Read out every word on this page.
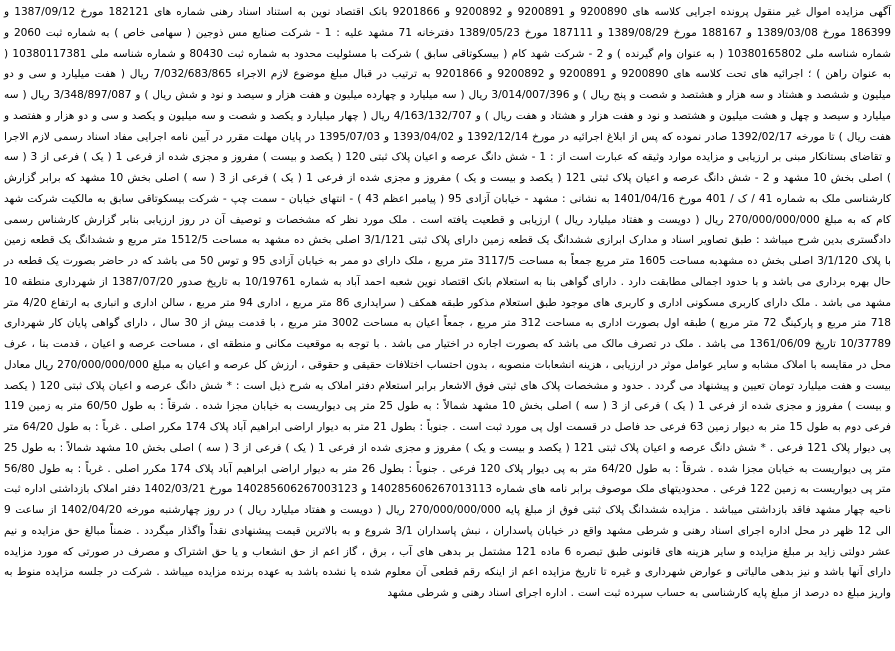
آگهی مزایده اموال غیر منقول پرونده اجرایی کلاسه های 9200890 و 9200891 و 9200892 و 9201866 بانک اقتصاد نوین به استناد اسناد رهنی شماره های 182121 مورخ 1387/09/12 و 186399 مورخ 1389/03/08 و 188167 مورخ 1389/08/29 و 187111 مورخ 1389/05/23 دفترخانه 71 مشهد علیه : 1 - شرکت صنایع مس ذوجین ( سهامی خاص ) به شماره ثبت 2060 و شماره شناسه ملی 10380165802 ( به عنوان وام گیرنده ) و 2 - شرکت شهد کام ( بیسکوتاقی سابق ) شرکت با مسئولیت محدود به شماره ثبت 80430 و شماره شناسه ملی 10380117381 ( به عنوان راهن ) ؛ اجرائیه های تحت کلاسه های 9200890 و 9200891 و 9200892 و 9201866 به ترتیب در قبال مبلغ موضوع لازم الاجراء 7/032/683/865 ریال ( هفت میلیارد و سی و دو میلیون و ششصد و هشتاد و سه هزار و هشتصد و شصت و پنج ریال ) و 3/014/007/396 ریال ( سه میلیارد و چهارده میلیون و هفت هزار و سیصد و نود و شش ریال ) و 3/348/897/087 ریال ( سه میلیارد و سیصد و چهل و هشت میلیون و هشتصد و نود و هفت هزار و هشتاد و هفت ریال ) و 4/163/132/707 ریال ( چهار میلیارد و یکصد و شصت و سه میلیون و یکصد و سی و دو هزار و هفتصد و هفت ریال ) تا مورخه 1392/02/17 صادر نموده که پس از ابلاغ اجرائیه در مورخ 1392/12/14 و 1393/04/02 و 1395/07/03 در پایان مهلت مقرر در آیین نامه اجرایی مفاد اسناد رسمی لازم الاجرا و تقاضای بستانکار مبنی بر ارزیابی و مزایده موارد وثیقه که عبارت است از : 1 - شش دانگ عرصه و اعیان پلاک ثبتی 120 ( یکصد و بیست ) مفروز و مجزی شده از فرعی 1 ( یک ) فرعی از 3 ( سه ) اصلی بخش 10 مشهد و 2 - شش دانگ عرصه و اعیان پلاک ثبتی 121 ( یکصد و بیست و یک ) مفروز و مجزی شده از فرعی 1 ( یک ) فرعی از 3 ( سه ) اصلی بخش 10 مشهد که برابر گزارش کارشناسی ملک به شماره 41 / ک / 401 مورخ 1401/04/16 به نشانی : مشهد - خیابان آزادی 95 ( پیامبر اعظم 43 ) - انتهای خیابان - سمت چپ - شرکت بیسکوتاقی سابق به مالکیت شرکت شهد کام که به مبلغ 270/000/000/000 ریال ( دویست و هفتاد میلیارد ریال ) ارزیابی و قطعیت یافته است . ملک مورد نظر که مشخصات و توصیف آن در روز ارزیابی بنابر گزارش کارشناس رسمی دادگستری بدین شرح میباشد : طبق تصاویر اسناد و مدارک ابرازی ششدانگ یک قطعه زمین دارای پلاک ثبتی 3/1/121 اصلی بخش ده مشهد به مساحت 1512/5 متر مربع و ششدانگ یک قطعه زمین با پلاک 3/1/120 اصلی بخش ده مشهدبه مساحت 1605 متر مربع جمعاً به مساحت 3117/5 متر مربع ، ملک دارای دو ممر به خیابان آزادی 95 و توس 50 می باشد که در حاضر بصورت یک قطعه در حال بهره برداری می باشد و با حدود اجمالی مطابقت دارد . دارای گواهی بنا به استعلام بانک اقتصاد نوین شعبه احمد آباد به شماره 10/19761 به تاریخ صدور 1387/07/20 از شهرداری منطقه 10 مشهد می باشد . ملک دارای کاربری مسکونی اداری و کاربری های موجود طبق استعلام مذکور طبقه همکف ( سرایداری 86 متر مربع ، اداری 94 متر مربع ، سالن اداری و انباری به ارتفاع 4/20 متر 718 متر مربع و پارکینگ 72 متر مربع ) طبقه اول بصورت اداری به مساحت 312 متر مربع ، جمعاً اعیان به مساحت 3002 متر مربع ، با قدمت بیش از 30 سال ، دارای گواهی پایان کار شهرداری 10/37789 تاریخ 1361/06/09 می باشد . ملک در تصرف مالک می باشد که بصورت اجاره در اختیار می باشد . با توجه به موقعیت مکانی و منطقه ای ، مساحت عرصه و اعیان ، قدمت بنا ، عرف محل در مقایسه با املاک مشابه و سایر عوامل موثر در ارزیابی ، هزینه انشعابات منصوبه ، بدون احتساب اختلافات حقیقی و حقوقی ، ارزش کل عرصه و اعیان به مبلغ 270/000/000/000 ریال معادل بیست و هفت میلیارد تومان تعیین و پیشنهاد می گردد . حدود و مشخصات پلاک های ثبتی فوق الاشعار برابر استعلام دفتر املاک به شرح ذیل است : * شش دانگ عرصه و اعیان پلاک ثبتی 120 ( یکصد و بیست ) مفروز و مجزی شده از فرعی 1 ( یک ) فرعی از 3 ( سه ) اصلی بخش 10 مشهد شمالاً : به طول 25 متر پی دیواریست به خیابان مجزا شده . شرقاً : به طول 60/50 متر به زمین 119 فرعی دوم به طول 15 متر به دیوار زمین 63 فرعی حد فاصل در قسمت اول پی مورد ثبت است . جنوباً : بطول 21 متر به دیوار اراضی ابراهیم آباد پلاک 174 مکرر اصلی . غرباً : به طول 64/20 متر پی دیوار پلاک 121 فرعی . * شش دانگ عرصه و اعیان پلاک ثبتی 121 ( یکصد و بیست و یک ) مفروز و مجزی شده از فرعی 1 ( یک ) فرعی از 3 ( سه ) اصلی بخش 10 مشهد شمالاً : به طول 25 متر پی دیواریست به خیابان مجزا شده . شرقاً : به طول 64/20 متر به پی دیوار پلاک 120 فرعی . جنوباً : بطول 26 متر به دیوار اراضی ابراهیم آباد پلاک 174 مکرر اصلی . غرباً : به طول 56/80 متر پی دیواریست به زمین 122 فرعی . محدودیتهای ملک موصوف برابر نامه های شماره 140285606267013113 و 140285606267003123 مورخ 1402/03/21 دفتر املاک بازداشتی اداره ثبت ناحیه چهار مشهد فاقد بازداشتی میباشد . مزایده ششدانگ پلاک ثبتی فوق از مبلغ پایه 270/000/000/000 ریال ( دویست و هفتاد میلیارد ریال ) در روز چهارشنبه مورخه 1402/04/20 از ساعت 9 الی 12 ظهر در محل اداره اجرای اسناد رهنی و شرطی مشهد واقع در خیابان پاسداران ، نبش پاسداران 3/1 شروع و به بالاترین قیمت پیشنهادی نقداً واگذار میگردد . ضمناً مبالغ حق مزایده و نیم عشر دولتی زاید بر مبلغ مزایده و سایر هزینه های قانونی طبق تبصره 6 ماده 121 مشتمل بر بدهی های آب ، برق ، گاز اعم از حق انشعاب و یا حق اشتراک و مصرف در صورتی که مورد مزایده دارای آنها باشد و نیز بدهی مالیاتی و عوارض شهرداری و غیره تا تاریخ مزایده اعم از اینکه رقم قطعی آن معلوم شده یا نشده باشد به عهده برنده مزایده میباشد . شرکت در جلسه مزایده منوط به واریز مبلغ ده درصد از مبلغ پایه کارشناسی به حساب سپرده ثبت است . اداره اجرای اسناد رهنی و شرطی مشهد
